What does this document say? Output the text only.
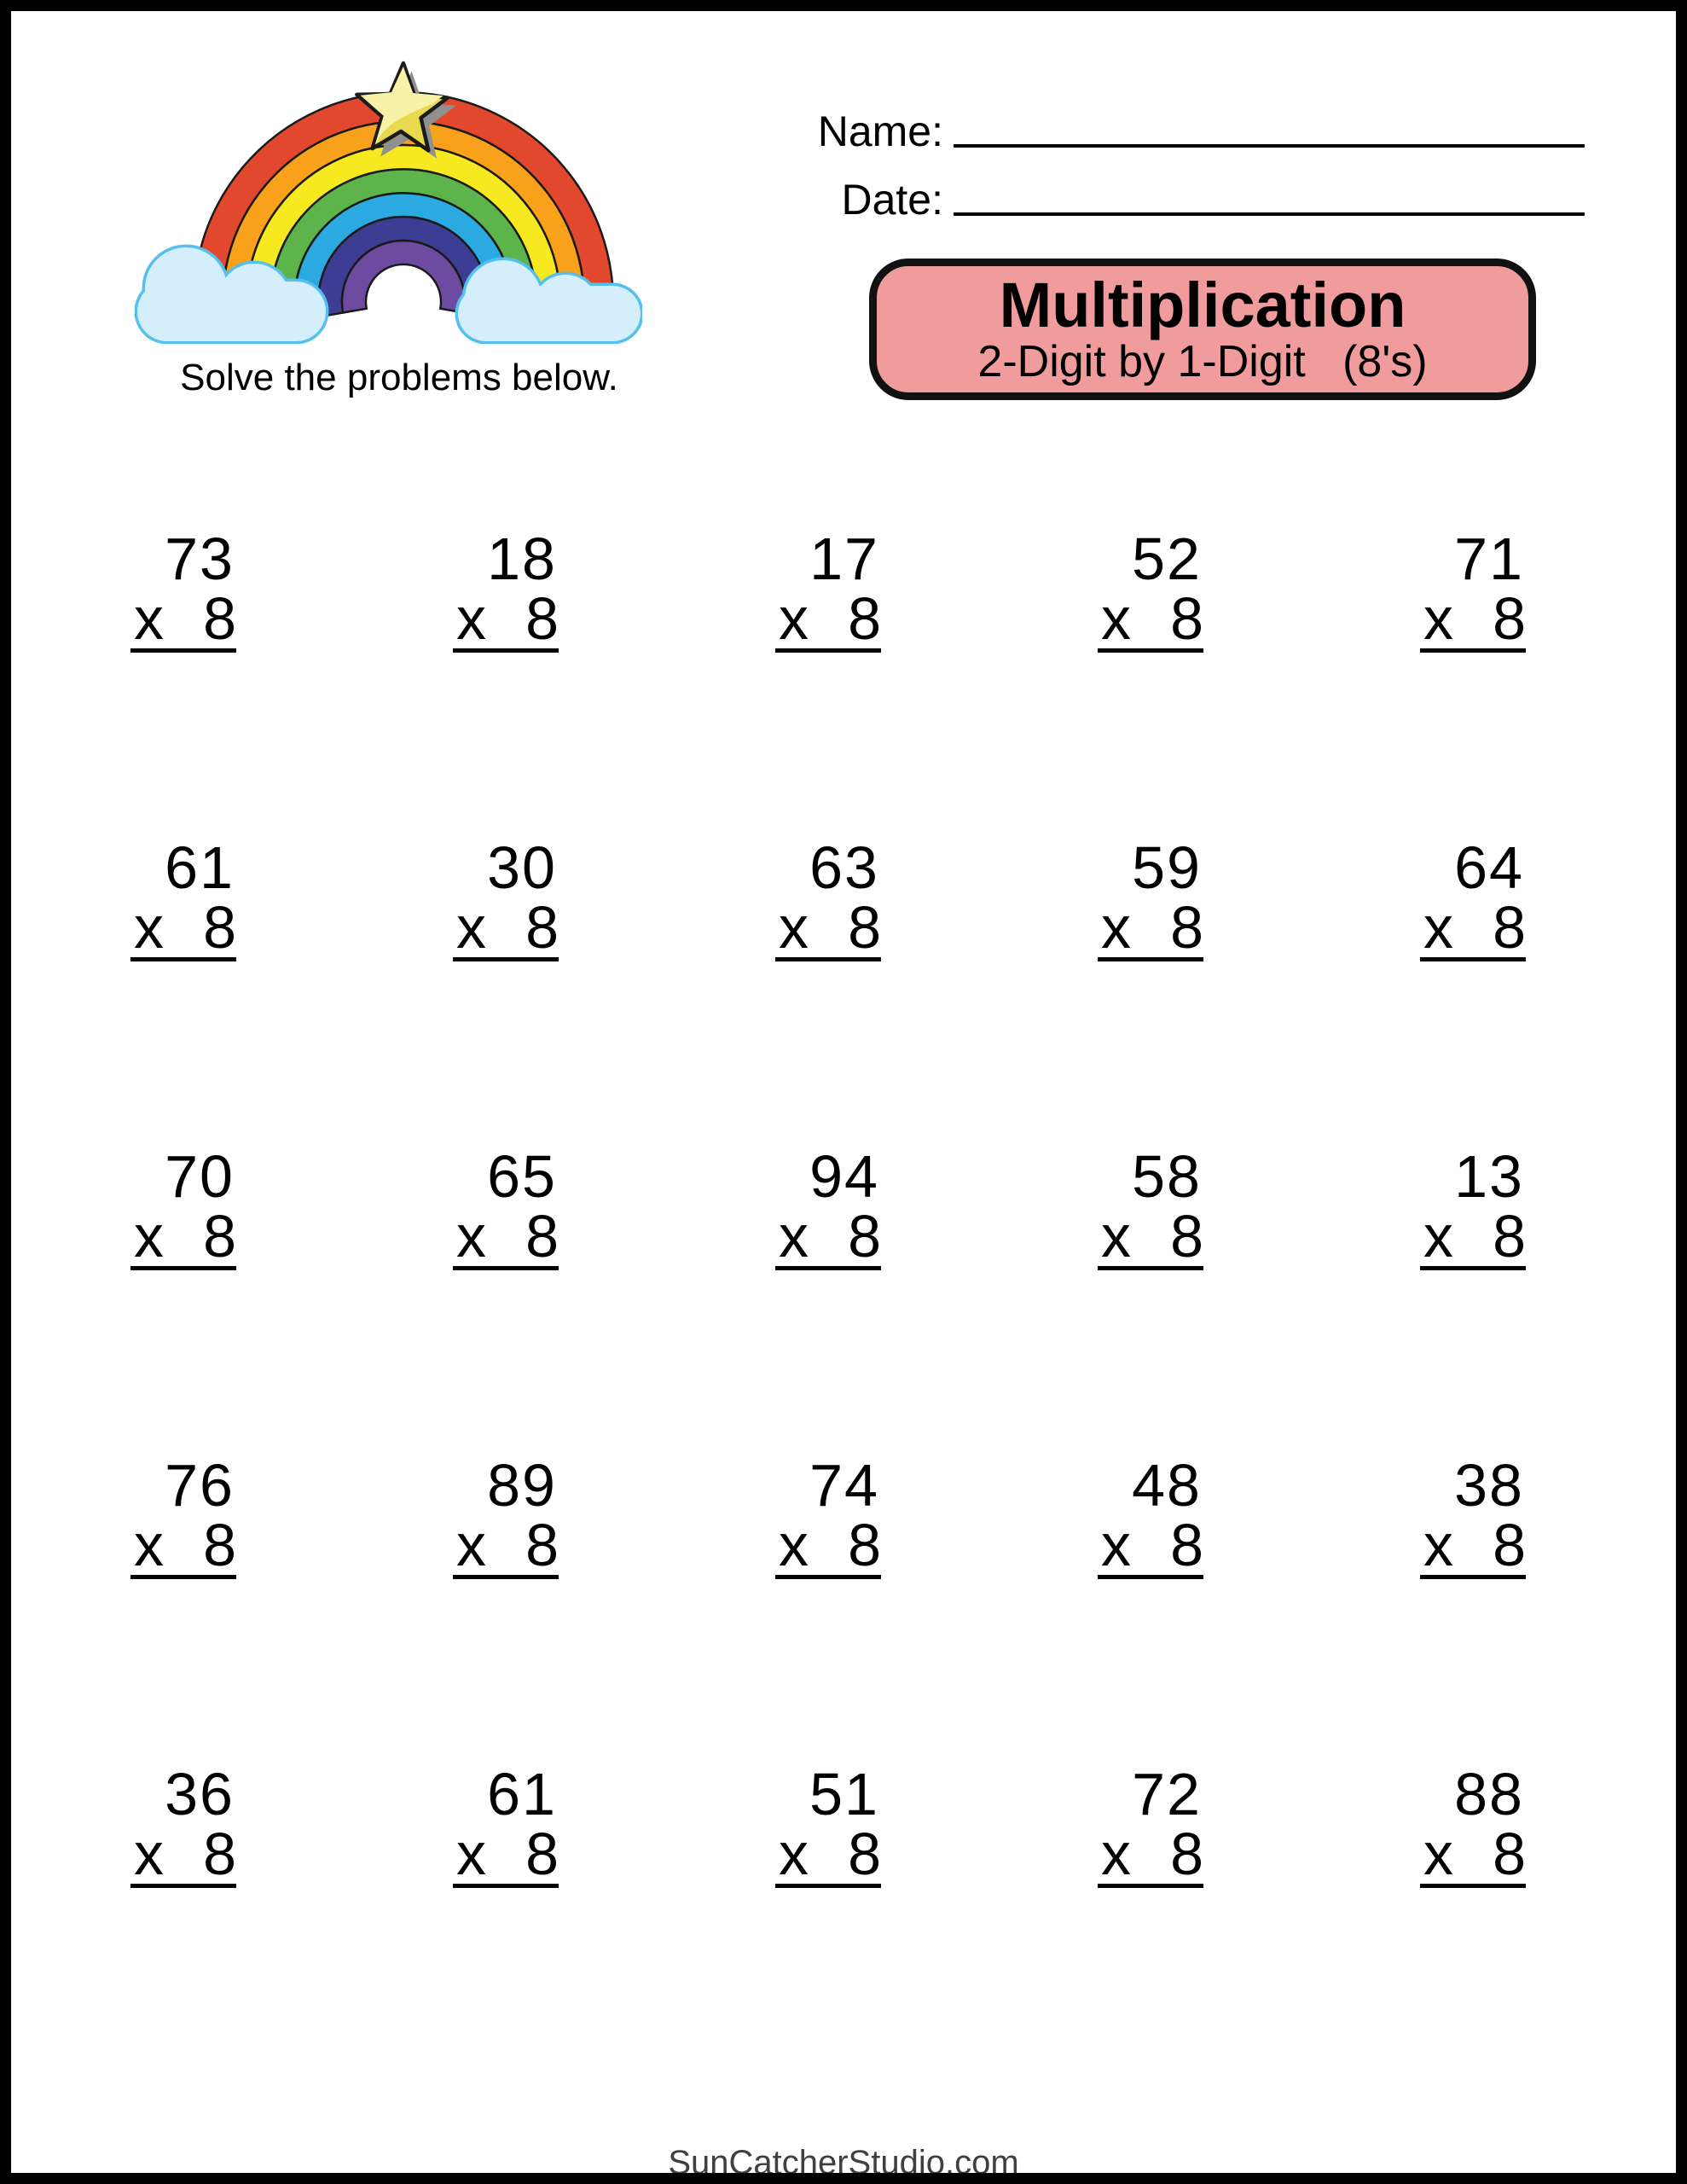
Solve the problems below.
Name:
Date:
Multiplication
2-Digit by 1-Digit   (8's)
73
x 8
18
x 8
17
x 8
52
x 8
71
x 8
61
x 8
30
x 8
63
x 8
59
x 8
64
x 8
70
x 8
65
x 8
94
x 8
58
x 8
13
x 8
76
x 8
89
x 8
74
x 8
48
x 8
38
x 8
36
x 8
61
x 8
51
x 8
72
x 8
88
x 8
SunCatcherStudio.com
